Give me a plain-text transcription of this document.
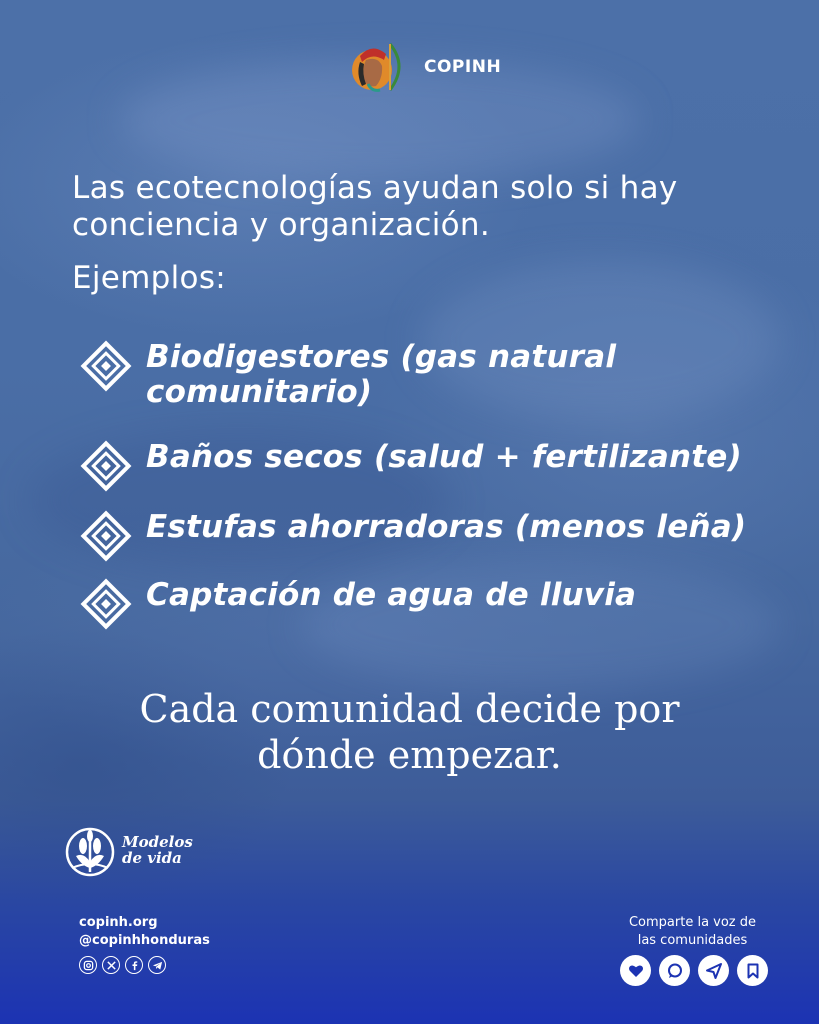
COPINH

Las ecotecnologías ayudan solo si hay

conciencia y organización.

Ejemplos:

Biodigestores (gas natural
comunitario)
Baños secos (salud + fertilizante)
Estufas ahorradoras (menos leña)
Captación de agua de lluvia

Cada comunidad decide por

dónde empezar.

Modelos
de vida
copinh.org
@copinhhonduras
Comparte la voz de
las comunidades
